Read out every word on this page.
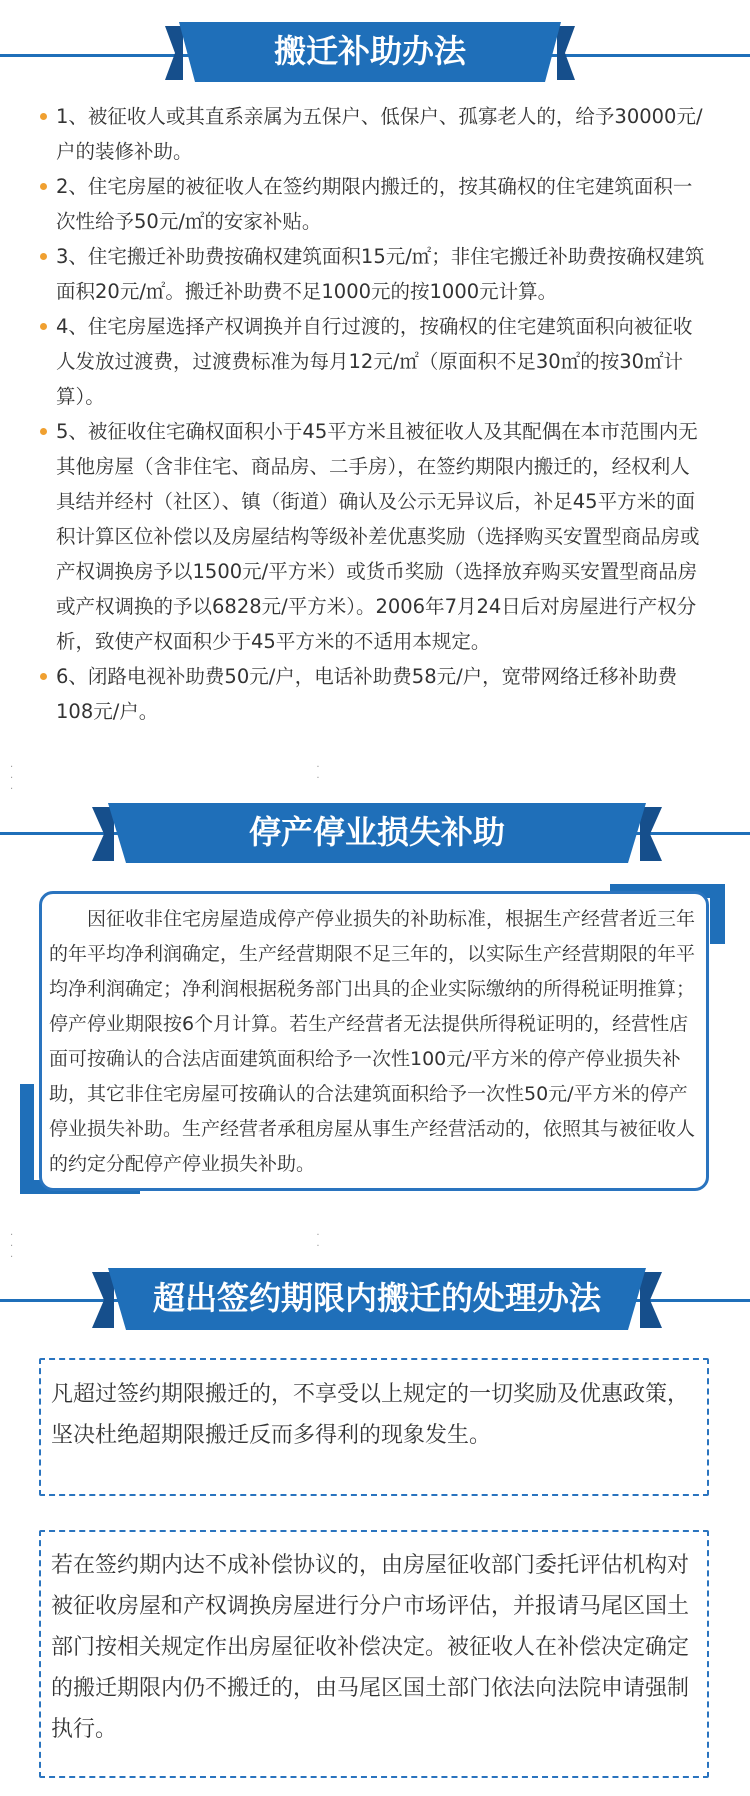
搬迁补助办法
1、被征收人或其直系亲属为五保户、低保户、孤寡老人的，给予30000元/户的装修补助。
2、住宅房屋的被征收人在签约期限内搬迁的，按其确权的住宅建筑面积一次性给予50元/㎡的安家补贴。
3、住宅搬迁补助费按确权建筑面积15元/㎡；非住宅搬迁补助费按确权建筑面积20元/㎡。搬迁补助费不足1000元的按1000元计算。
4、住宅房屋选择产权调换并自行过渡的，按确权的住宅建筑面积向被征收人发放过渡费，过渡费标准为每月12元/㎡（原面积不足30㎡的按30㎡计算）。
5、被征收住宅确权面积小于45平方米且被征收人及其配偶在本市范围内无其他房屋（含非住宅、商品房、二手房），在签约期限内搬迁的，经权利人具结并经村（社区）、镇（街道）确认及公示无异议后，补足45平方米的面积计算区位补偿以及房屋结构等级补差优惠奖励（选择购买安置型商品房或产权调换房予以1500元/平方米）或货币奖励（选择放弃购买安置型商品房或产权调换的予以6828元/平方米）。2006年7月24日后对房屋进行产权分析，致使产权面积少于45平方米的不适用本规定。
6、闭路电视补助费50元/户，电话补助费58元/户，宽带网络迁移补助费108元/户。
· · · · ·
停产停业损失补助
因征收非住宅房屋造成停产停业损失的补助标准，根据生产经营者近三年的年平均净利润确定，生产经营期限不足三年的，以实际生产经营期限的年平均净利润确定；净利润根据税务部门出具的企业实际缴纳的所得税证明推算；停产停业期限按6个月计算。若生产经营者无法提供所得税证明的，经营性店面可按确认的合法店面建筑面积给予一次性100元/平方米的停产停业损失补助，其它非住宅房屋可按确认的合法建筑面积给予一次性50元/平方米的停产停业损失补助。生产经营者承租房屋从事生产经营活动的，依照其与被征收人的约定分配停产停业损失补助。
· · · · ·
超出签约期限内搬迁的处理办法
凡超过签约期限搬迁的，不享受以上规定的一切奖励及优惠政策，坚决杜绝超期限搬迁反而多得利的现象发生。
若在签约期内达不成补偿协议的，由房屋征收部门委托评估机构对被征收房屋和产权调换房屋进行分户市场评估，并报请马尾区国土部门按相关规定作出房屋征收补偿决定。被征收人在补偿决定确定的搬迁期限内仍不搬迁的，由马尾区国土部门依法向法院申请强制执行。
